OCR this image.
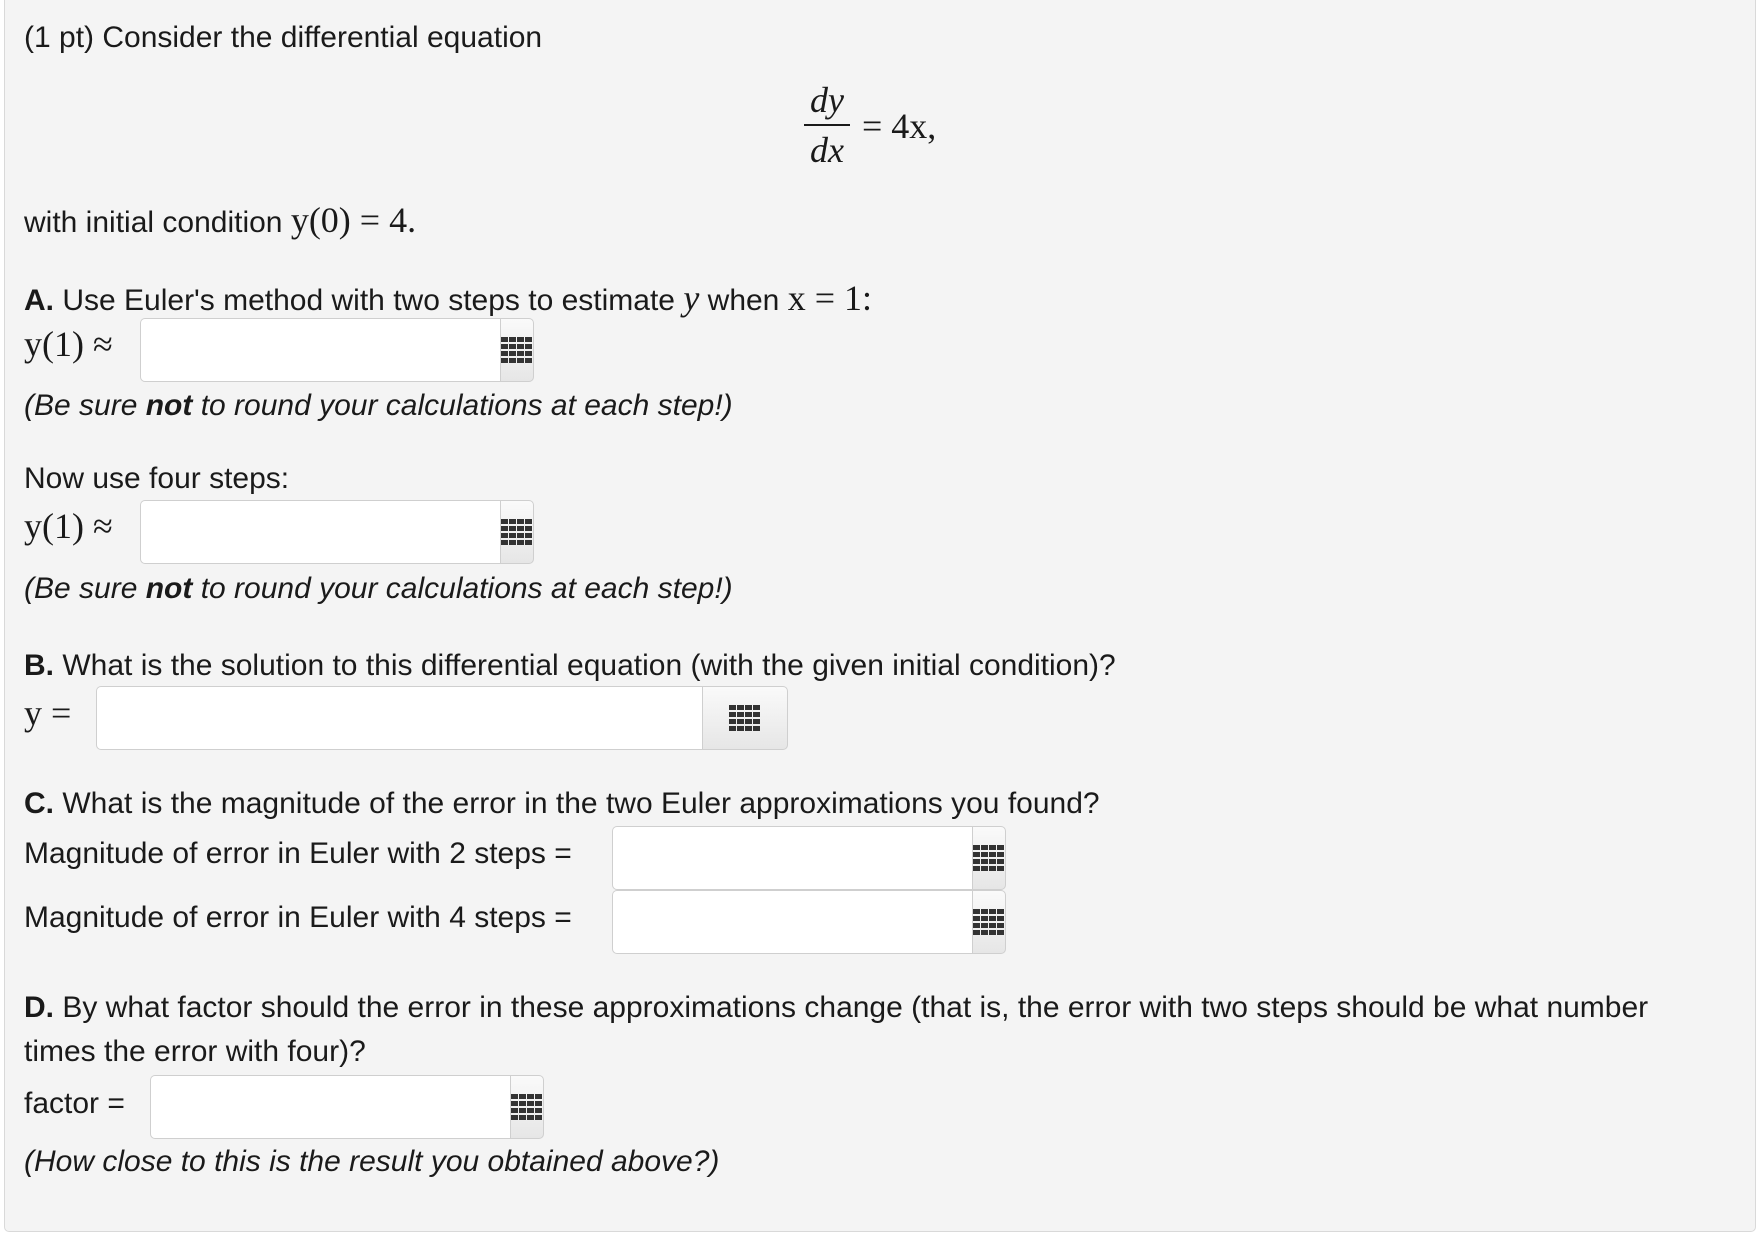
(1 pt) Consider the differential equation
dy
dx
= 4x,
with initial condition y(0) = 4.
A. Use Euler's method with two steps to estimate y when x = 1:
y(1) ≈
(Be sure not to round your calculations at each step!)
Now use four steps:
y(1) ≈
(Be sure not to round your calculations at each step!)
B. What is the solution to this differential equation (with the given initial condition)?
y =
C. What is the magnitude of the error in the two Euler approximations you found?
Magnitude of error in Euler with 2 steps =
Magnitude of error in Euler with 4 steps =
D. By what factor should the error in these approximations change (that is, the error with two steps should be what number
times the error with four)?
factor =
(How close to this is the result you obtained above?)
